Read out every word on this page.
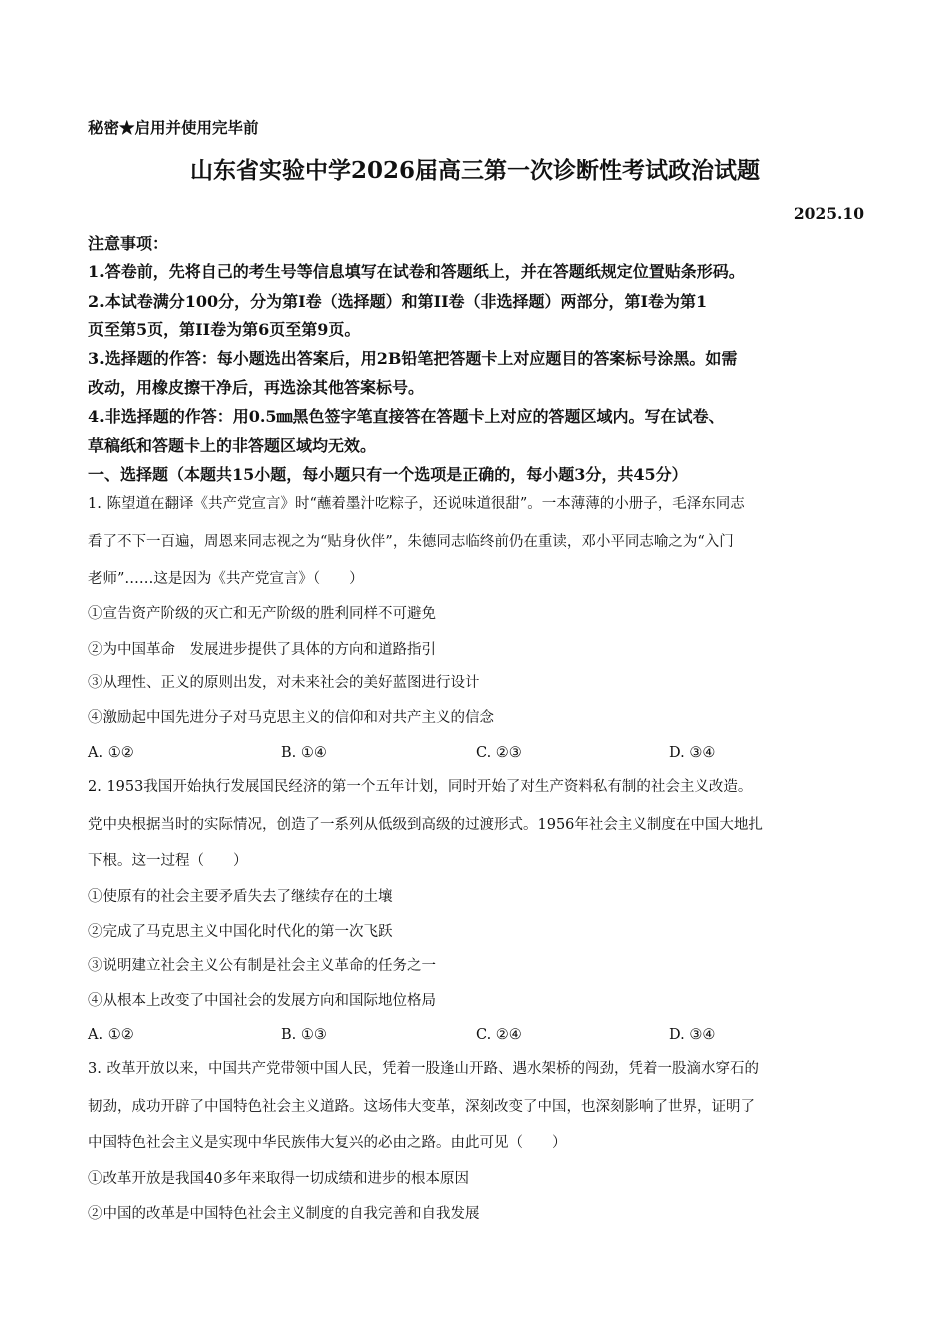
秘密★启用并使用完毕前
山东省实验中学2026届高三第一次诊断性考试政治试题
2025.10
注意事项：
1.答卷前，先将自己的考生号等信息填写在试卷和答题纸上，并在答题纸规定位置贴条形码。
2.本试卷满分100分，分为第Ⅰ卷（选择题）和第II卷（非选择题）两部分，第Ⅰ卷为第1
页至第5页，第II卷为第6页至第9页。
3.选择题的作答：每小题选出答案后，用2B铅笔把答题卡上对应题目的答案标号涂黑。如需
改动，用橡皮擦干净后，再选涂其他答案标号。
4.非选择题的作答：用0.5㎜黑色签字笔直接答在答题卡上对应的答题区域内。写在试卷、
草稿纸和答题卡上的非答题区域均无效。
一、选择题（本题共15小题，每小题只有一个选项是正确的，每小题3分，共45分）
1. 陈望道在翻译《共产党宣言》时“蘸着墨汁吃粽子，还说味道很甜”。一本薄薄的小册子，毛泽东同志
看了不下一百遍，周恩来同志视之为“贴身伙伴”，朱德同志临终前仍在重读，邓小平同志喻之为“入门
老师”……这是因为《共产党宣言》（　　）
①宣告资产阶级的灭亡和无产阶级的胜利同样不可避免
②为中国革命　发展进步提供了具体的方向和道路指引
③从理性、正义的原则出发，对未来社会的美好蓝图进行设计
④激励起中国先进分子对马克思主义的信仰和对共产主义的信念
A. ①②	B. ①④	C. ②③	D. ③④
2. 1953我国开始执行发展国民经济的第一个五年计划，同时开始了对生产资料私有制的社会主义改造。
党中央根据当时的实际情况，创造了一系列从低级到高级的过渡形式。1956年社会主义制度在中国大地扎
下根。这一过程（　　）
①使原有的社会主要矛盾失去了继续存在的土壤
②完成了马克思主义中国化时代化的第一次飞跃
③说明建立社会主义公有制是社会主义革命的任务之一
④从根本上改变了中国社会的发展方向和国际地位格局
A. ①②	B. ①③	C. ②④	D. ③④
3. 改革开放以来，中国共产党带领中国人民，凭着一股逢山开路、遇水架桥的闯劲，凭着一股滴水穿石的
韧劲，成功开辟了中国特色社会主义道路。这场伟大变革，深刻改变了中国，也深刻影响了世界，证明了
中国特色社会主义是实现中华民族伟大复兴的必由之路。由此可见（　　）
①改革开放是我国40多年来取得一切成绩和进步的根本原因
②中国的改革是中国特色社会主义制度的自我完善和自我发展
